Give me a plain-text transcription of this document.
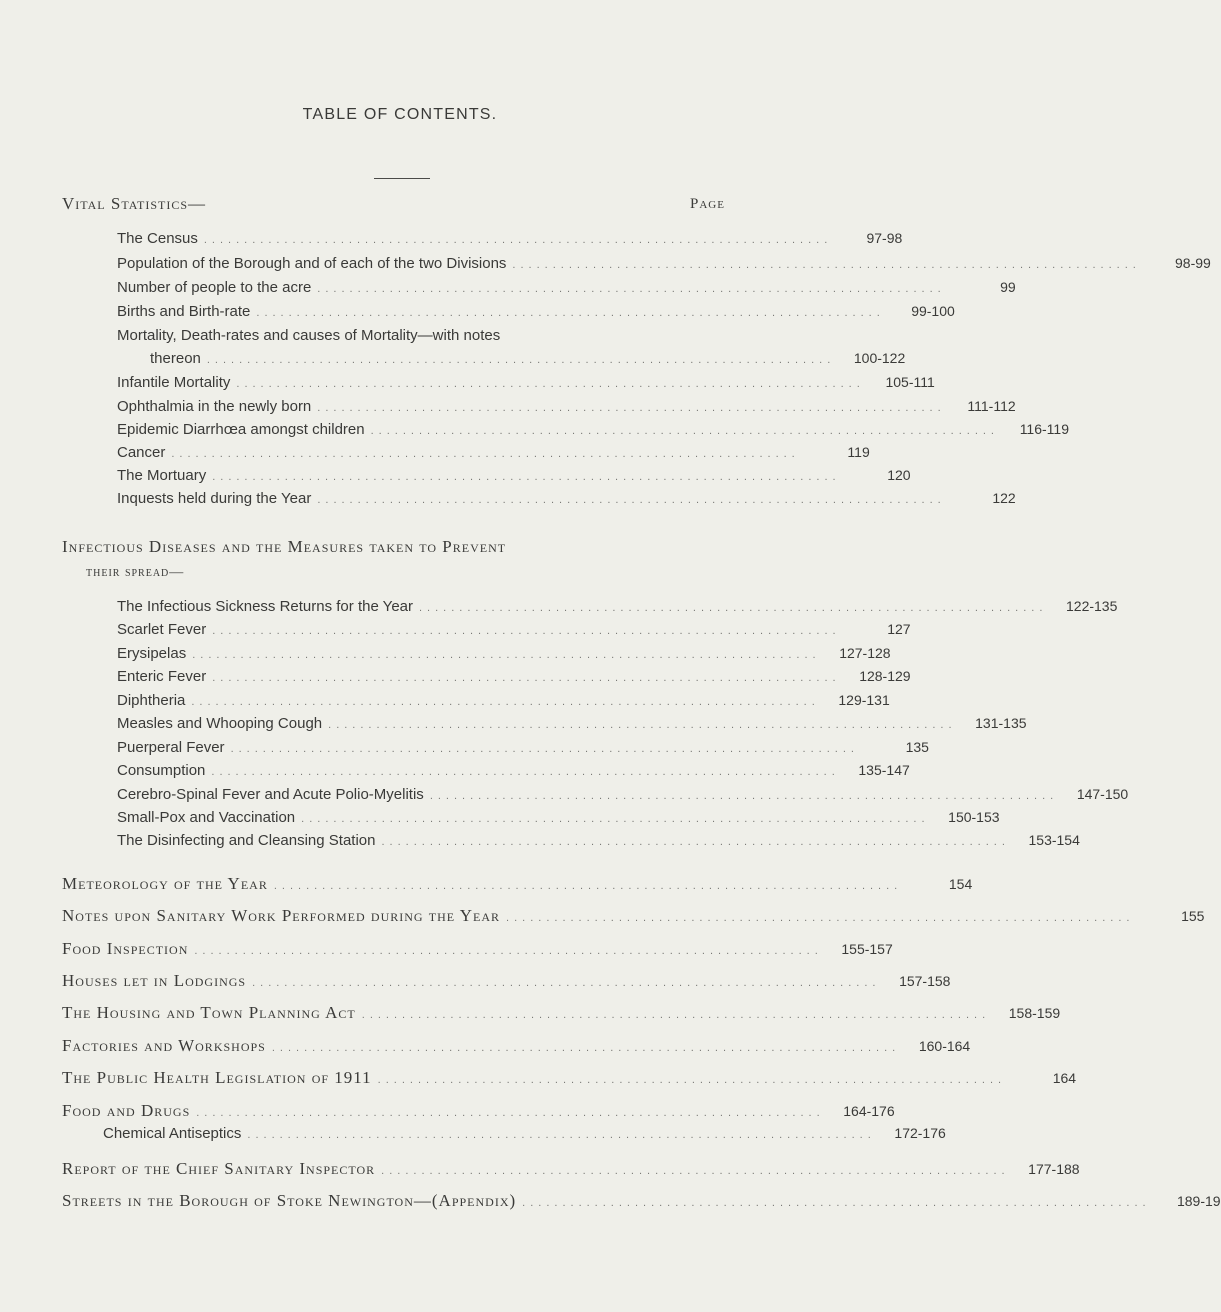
TABLE OF CONTENTS.
Vital Statistics—	Page
The Census ..............................................................................	97-98
Population of the Borough and of each of the two Divisions ..............................................................................	98-99
Number of people to the acre ..............................................................................	99
Births and Birth-rate ..............................................................................	99-100
Mortality, Death-rates and causes of Mortality—with notes
thereon ..............................................................................	100-122
Infantile Mortality ..............................................................................	105-111
Ophthalmia in the newly born ..............................................................................	111-112
Epidemic Diarrhœa amongst children ..............................................................................	116-119
Cancer ..............................................................................	119
The Mortuary ..............................................................................	120
Inquests held during the Year ..............................................................................	122
Infectious Diseases and the Measures taken to Prevent
their spread—
The Infectious Sickness Returns for the Year ..............................................................................	122-135
Scarlet Fever ..............................................................................	127
Erysipelas ..............................................................................	127-128
Enteric Fever ..............................................................................	128-129
Diphtheria ..............................................................................	129-131
Measles and Whooping Cough ..............................................................................	131-135
Puerperal Fever ..............................................................................	135
Consumption ..............................................................................	135-147
Cerebro-Spinal Fever and Acute Polio-Myelitis ..............................................................................	147-150
Small-Pox and Vaccination ..............................................................................	150-153
The Disinfecting and Cleansing Station ..............................................................................	153-154
Meteorology of the Year ..............................................................................	154
Notes upon Sanitary Work Performed during the Year ..............................................................................	155
Food Inspection ..............................................................................	155-157
Houses let in Lodgings ..............................................................................	157-158
The Housing and Town Planning Act ..............................................................................	158-159
Factories and Workshops ..............................................................................	160-164
The Public Health Legislation of 1911 ..............................................................................	164
Food and Drugs ..............................................................................	164-176
Chemical Antiseptics ..............................................................................	172-176
Report of the Chief Sanitary Inspector ..............................................................................	177-188
Streets in the Borough of Stoke Newington—(Appendix) ..............................................................................	189-19
